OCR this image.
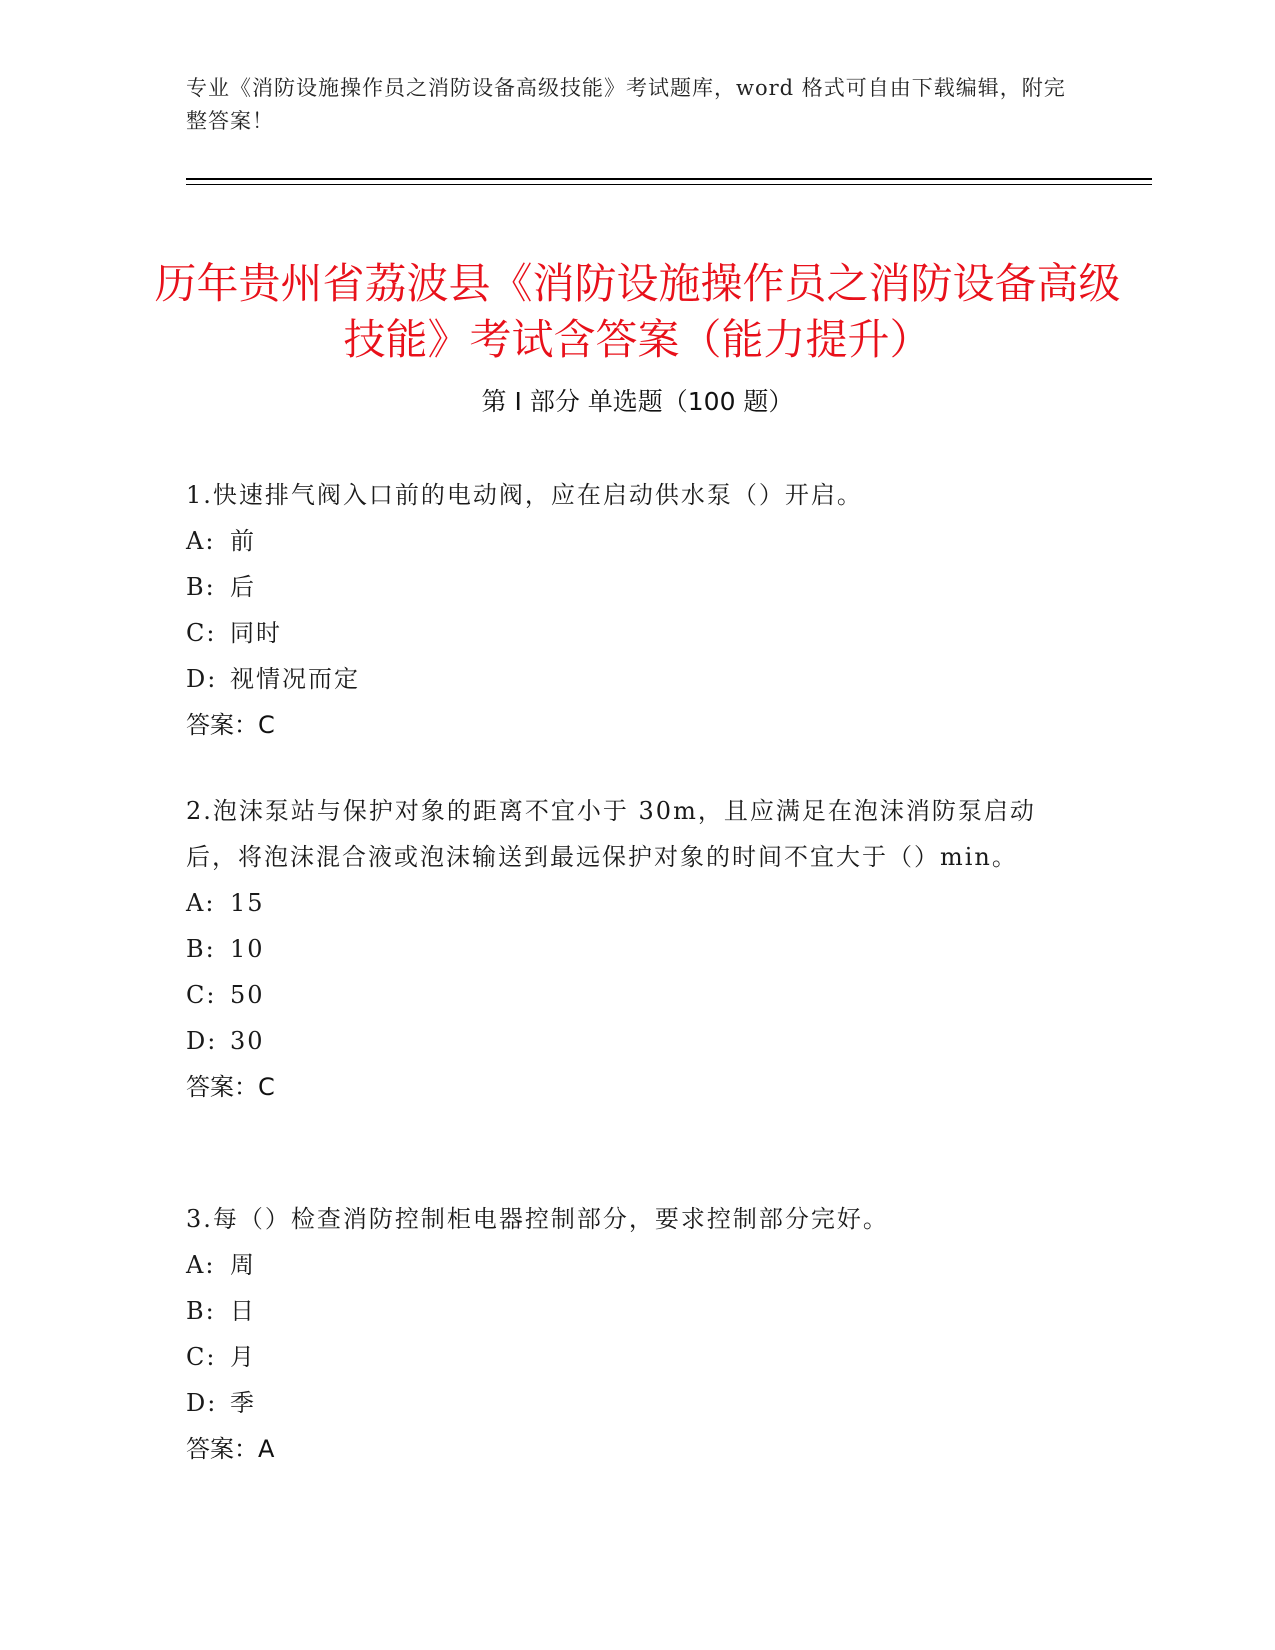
专业《消防设施操作员之消防设备高级技能》考试题库，word 格式可自由下载编辑，附完整答案！
历年贵州省荔波县《消防设施操作员之消防设备高级技能》考试含答案（能力提升）
第 I 部分 单选题（100 题）

1.快速排气阀入口前的电动阀，应在启动供水泵（）开启。

A: 前

B: 后

C: 同时

D: 视情况而定

答案：C

2.泡沫泵站与保护对象的距离不宜小于 30m，且应满足在泡沫消防泵启动后，将泡沫混合液或泡沫输送到最远保护对象的时间不宜大于（）min。

A: 15

B: 10

C: 50

D: 30

答案：C

3.每（）检查消防控制柜电器控制部分，要求控制部分完好。

A: 周

B: 日

C: 月

D: 季

答案：A
